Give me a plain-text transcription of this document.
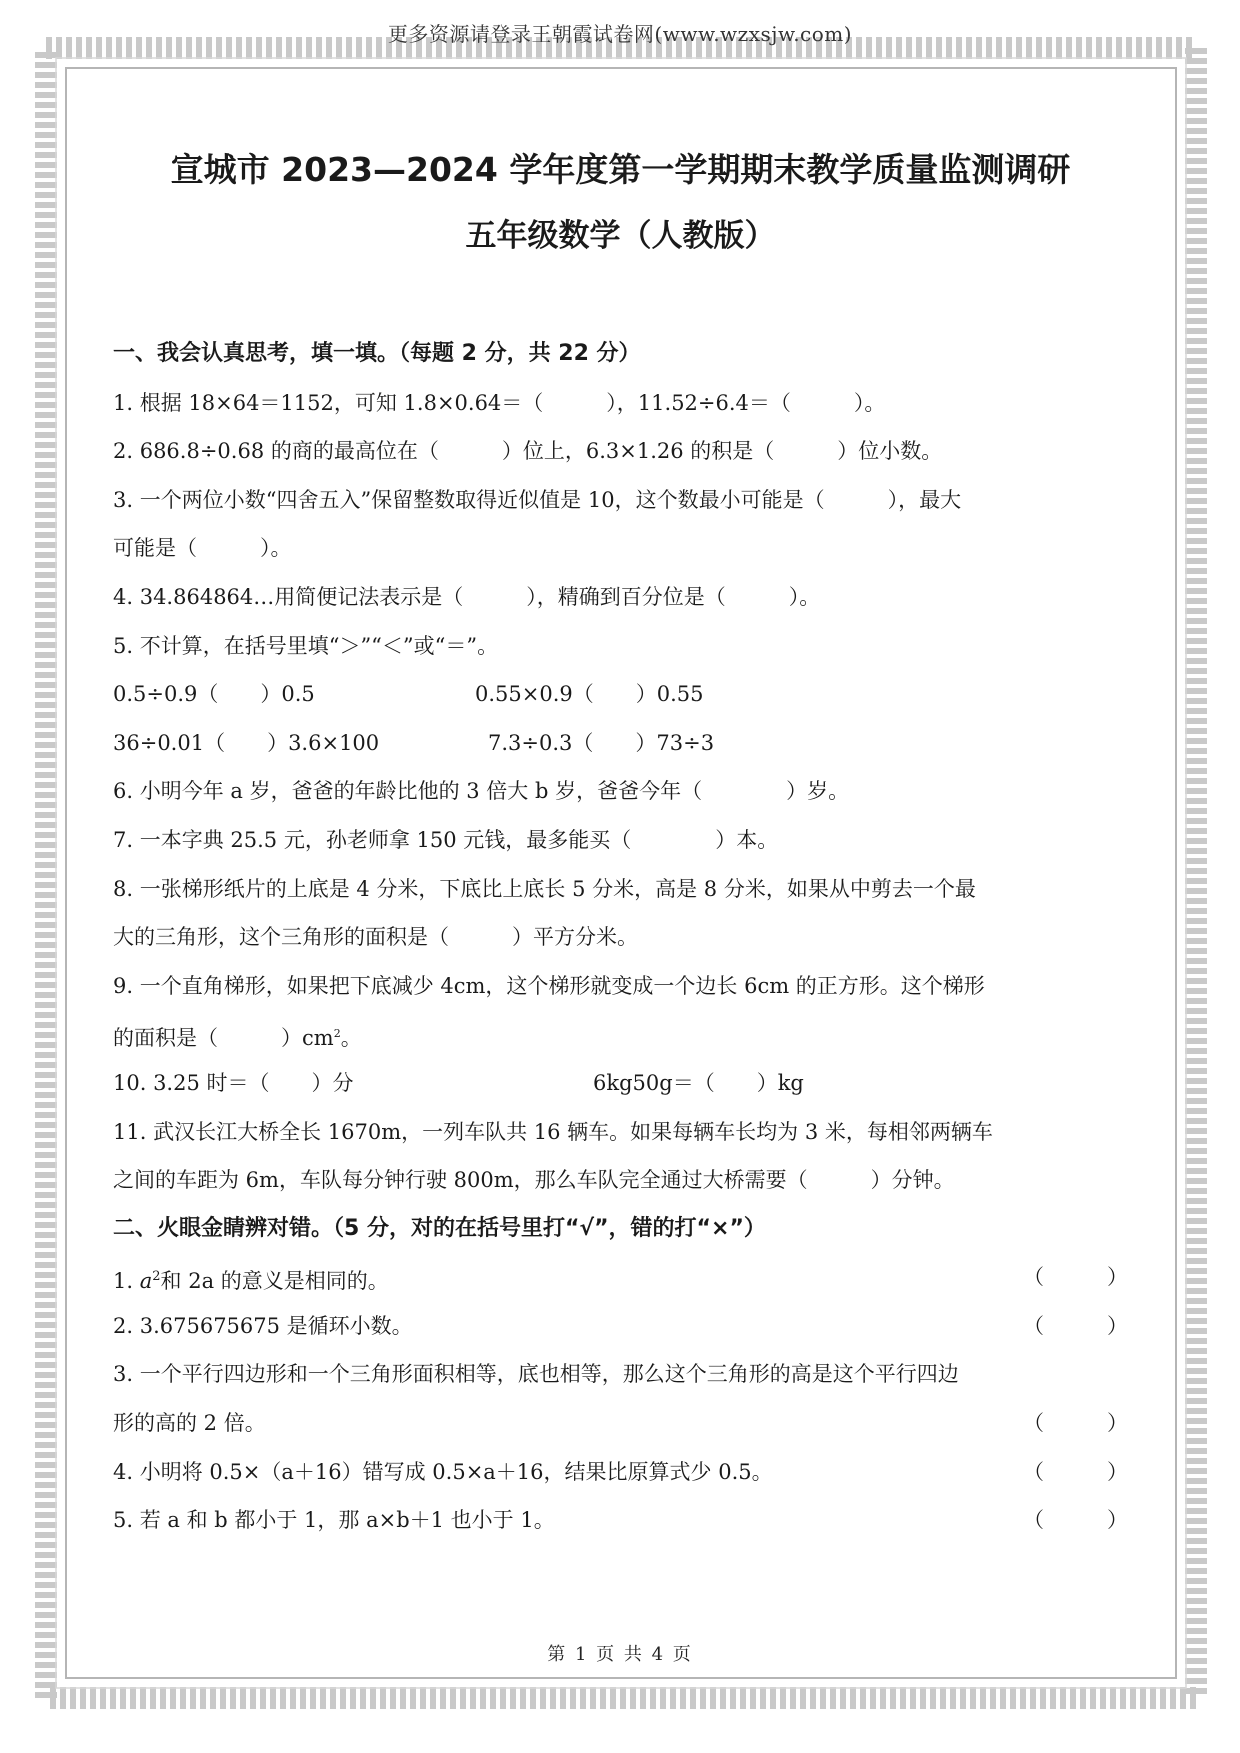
更多资源请登录王朝霞试卷网(www.wzxsjw.com)
宣城市 2023—2024 学年度第一学期期末教学质量监测调研
五年级数学（人教版）
一、我会认真思考，填一填。（每题 2 分，共 22 分）
1. 根据 18×64＝1152，可知 1.8×0.64＝（　　　），11.52÷6.4＝（　　　）。
2. 686.8÷0.68 的商的最高位在（　　　）位上，6.3×1.26 的积是（　　　）位小数。
3. 一个两位小数“四舍五入”保留整数取得近似值是 10，这个数最小可能是（　　　），最大
可能是（　　　）。
4. 34.864864…用简便记法表示是（　　　），精确到百分位是（　　　）。
5. 不计算，在括号里填“＞”“＜”或“＝”。
0.5÷0.9（　　）0.5	0.55×0.9（　　）0.55
36÷0.01（　　）3.6×100	7.3÷0.3（　　）73÷3
6. 小明今年 a 岁，爸爸的年龄比他的 3 倍大 b 岁，爸爸今年（　　　　）岁。
7. 一本字典 25.5 元，孙老师拿 150 元钱，最多能买（　　　　）本。
8. 一张梯形纸片的上底是 4 分米，下底比上底长 5 分米，高是 8 分米，如果从中剪去一个最
大的三角形，这个三角形的面积是（　　　）平方分米。
9. 一个直角梯形，如果把下底减少 4cm，这个梯形就变成一个边长 6cm 的正方形。这个梯形
的面积是（　　　）$cm^2$。
10. 3.25 时＝（　　）分	6kg50g＝（　　）kg
11. 武汉长江大桥全长 1670m，一列车队共 16 辆车。如果每辆车长均为 3 米，每相邻两辆车
之间的车距为 6m，车队每分钟行驶 800m，那么车队完全通过大桥需要（　　　）分钟。
二、火眼金睛辨对错。（5 分，对的在括号里打“√”，错的打“×”）
1. $a^2$和 2a 的意义是相同的。	（　　　）
2. 3.675675675 是循环小数。	（　　　）
3. 一个平行四边形和一个三角形面积相等，底也相等，那么这个三角形的高是这个平行四边
形的高的 2 倍。	（　　　）
4. 小明将 0.5×（a＋16）错写成 0.5×a＋16，结果比原算式少 0.5。	（　　　）
5. 若 a 和 b 都小于 1，那 a×b＋1 也小于 1。	（　　　）
第 1 页 共 4 页
